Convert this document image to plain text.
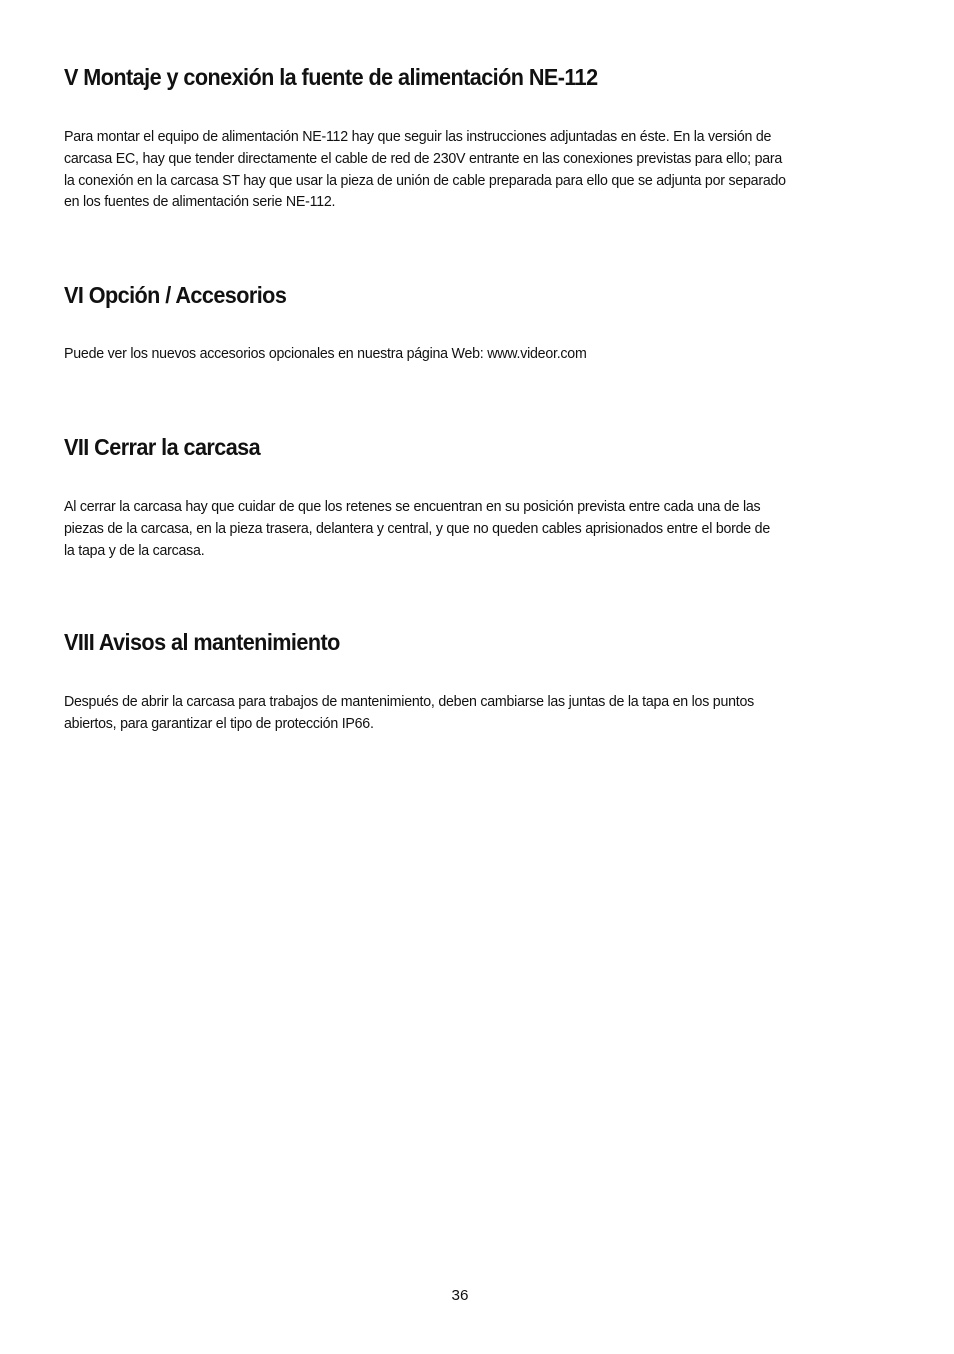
V Montaje y conexión la fuente de alimentación NE-112

Para montar el equipo de alimentación NE-112 hay que seguir las instrucciones adjuntadas en éste. En la versión de
carcasa EC, hay que tender directamente el cable de red de 230V entrante en las conexiones previstas para ello; para
la conexión en la carcasa ST hay que usar la pieza de unión de cable preparada para ello que se adjunta por separado
en los fuentes de alimentación serie NE-112.

VI Opción / Accesorios

Puede ver los nuevos accesorios opcionales en nuestra página Web: www.videor.com

VII Cerrar la carcasa

Al cerrar la carcasa hay que cuidar de que los retenes se encuentran en su posición prevista entre cada una de las
piezas de la carcasa, en la pieza trasera, delantera y central, y que no queden cables aprisionados entre el borde de
la tapa y de la carcasa.

VIII Avisos al mantenimiento

Después de abrir la carcasa para trabajos de mantenimiento, deben cambiarse las juntas de la tapa en los puntos
abiertos, para garantizar el tipo de protección IP66.

36
